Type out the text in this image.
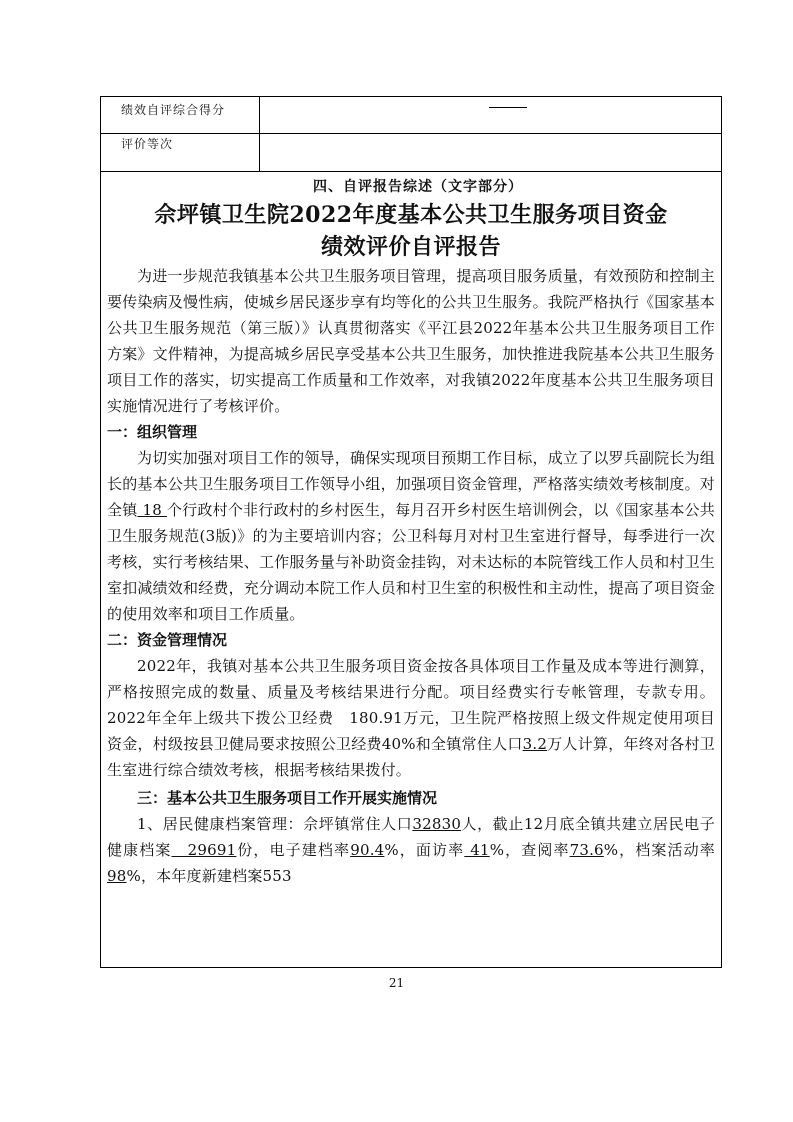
绩效自评综合得分
评价等次
四、自评报告综述（文字部分）
佘坪镇卫生院2022年度基本公共卫生服务项目资金
绩效评价自评报告

为进一步规范我镇基本公共卫生服务项目管理，提高项目服务质量，有效预防和控制主要传染病及慢性病，使城乡居民逐步享有均等化的公共卫生服务。我院严格执行《国家基本公共卫生服务规范（第三版）》认真贯彻落实《平江县2022年基本公共卫生服务项目工作方案》文件精神，为提高城乡居民享受基本公共卫生服务，加快推进我院基本公共卫生服务项目工作的落实，切实提高工作质量和工作效率，对我镇2022年度基本公共卫生服务项目实施情况进行了考核评价。

一：组织管理

为切实加强对项目工作的领导，确保实现项目预期工作目标，成立了以罗兵副院长为组长的基本公共卫生服务项目工作领导小组，加强项目资金管理，严格落实绩效考核制度。对全镇 18 个行政村个非行政村的乡村医生，每月召开乡村医生培训例会，以《国家基本公共卫生服务规范(3版)》的为主要培训内容；公卫科每月对村卫生室进行督导，每季进行一次考核，实行考核结果、工作服务量与补助资金挂钩，对未达标的本院管线工作人员和村卫生室扣减绩效和经费，充分调动本院工作人员和村卫生室的积极性和主动性，提高了项目资金的使用效率和项目工作质量。

二：资金管理情况

2022年，我镇对基本公共卫生服务项目资金按各具体项目工作量及成本等进行测算，严格按照完成的数量、质量及考核结果进行分配。项目经费实行专帐管理，专款专用。2022年全年上级共下拨公卫经费　180.91万元，卫生院严格按照上级文件规定使用项目资金，村级按县卫健局要求按照公卫经费40%和全镇常住人口3.2万人计算，年终对各村卫生室进行综合绩效考核，根据考核结果拨付。

三：基本公共卫生服务项目工作开展实施情况

1、居民健康档案管理：佘坪镇常住人口32830人，截止12月底全镇共建立居民电子健康档案　29691份，电子建档率90.4%，面访率 41%，查阅率73.6%，档案活动率98%，本年度新建档案553

21
